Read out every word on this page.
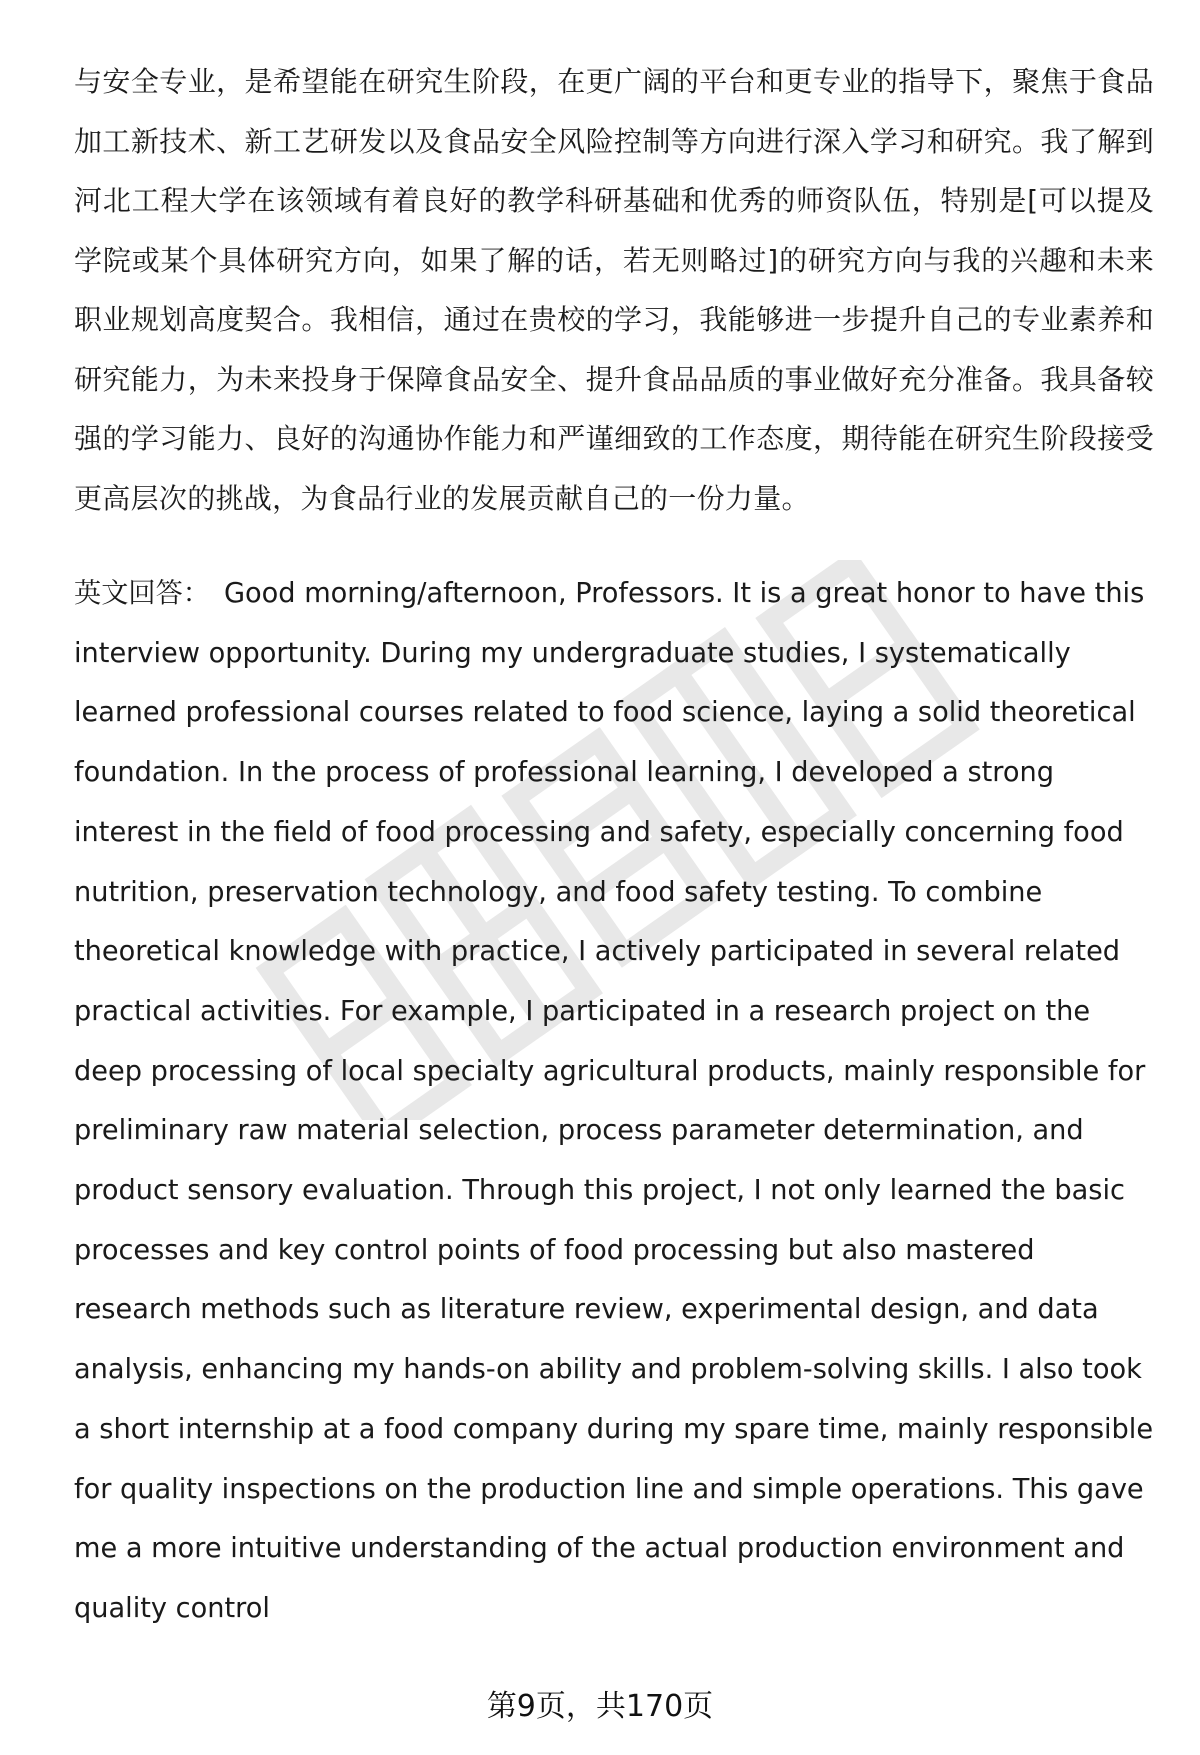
与安全专业，是希望能在研究生阶段，在更广阔的平台和更专业的指导下，聚焦于食品加工新技术、新工艺研发以及食品安全风险控制等方向进行深入学习和研究。我了解到河北工程大学在该领域有着良好的教学科研基础和优秀的师资队伍，特别是[可以提及学院或某个具体研究方向，如果了解的话，若无则略过]的研究方向与我的兴趣和未来职业规划高度契合。我相信，通过在贵校的学习，我能够进一步提升自己的专业素养和研究能力，为未来投身于保障食品安全、提升食品品质的事业做好充分准备。我具备较强的学习能力、良好的沟通协作能力和严谨细致的工作态度，期待能在研究生阶段接受更高层次的挑战，为食品行业的发展贡献自己的一份力量。

英文回答： Good morning/afternoon, Professors. It is a great honor to have this interview opportunity. During my undergraduate studies, I systematically learned professional courses related to food science, laying a solid theoretical foundation. In the process of professional learning, I developed a strong interest in the field of food processing and safety, especially concerning food nutrition, preservation technology, and food safety testing. To combine theoretical knowledge with practice, I actively participated in several related practical activities. For example, I participated in a research project on the deep processing of local specialty agricultural products, mainly responsible for preliminary raw material selection, process parameter determination, and product sensory evaluation. Through this project, I not only learned the basic processes and key control points of food processing but also mastered research methods such as literature review, experimental design, and data analysis, enhancing my hands-on ability and problem-solving skills. I also took a short internship at a food company during my spare time, mainly responsible for quality inspections on the production line and simple operations. This gave me a more intuitive understanding of the actual production environment and quality control

第9页，共170页
